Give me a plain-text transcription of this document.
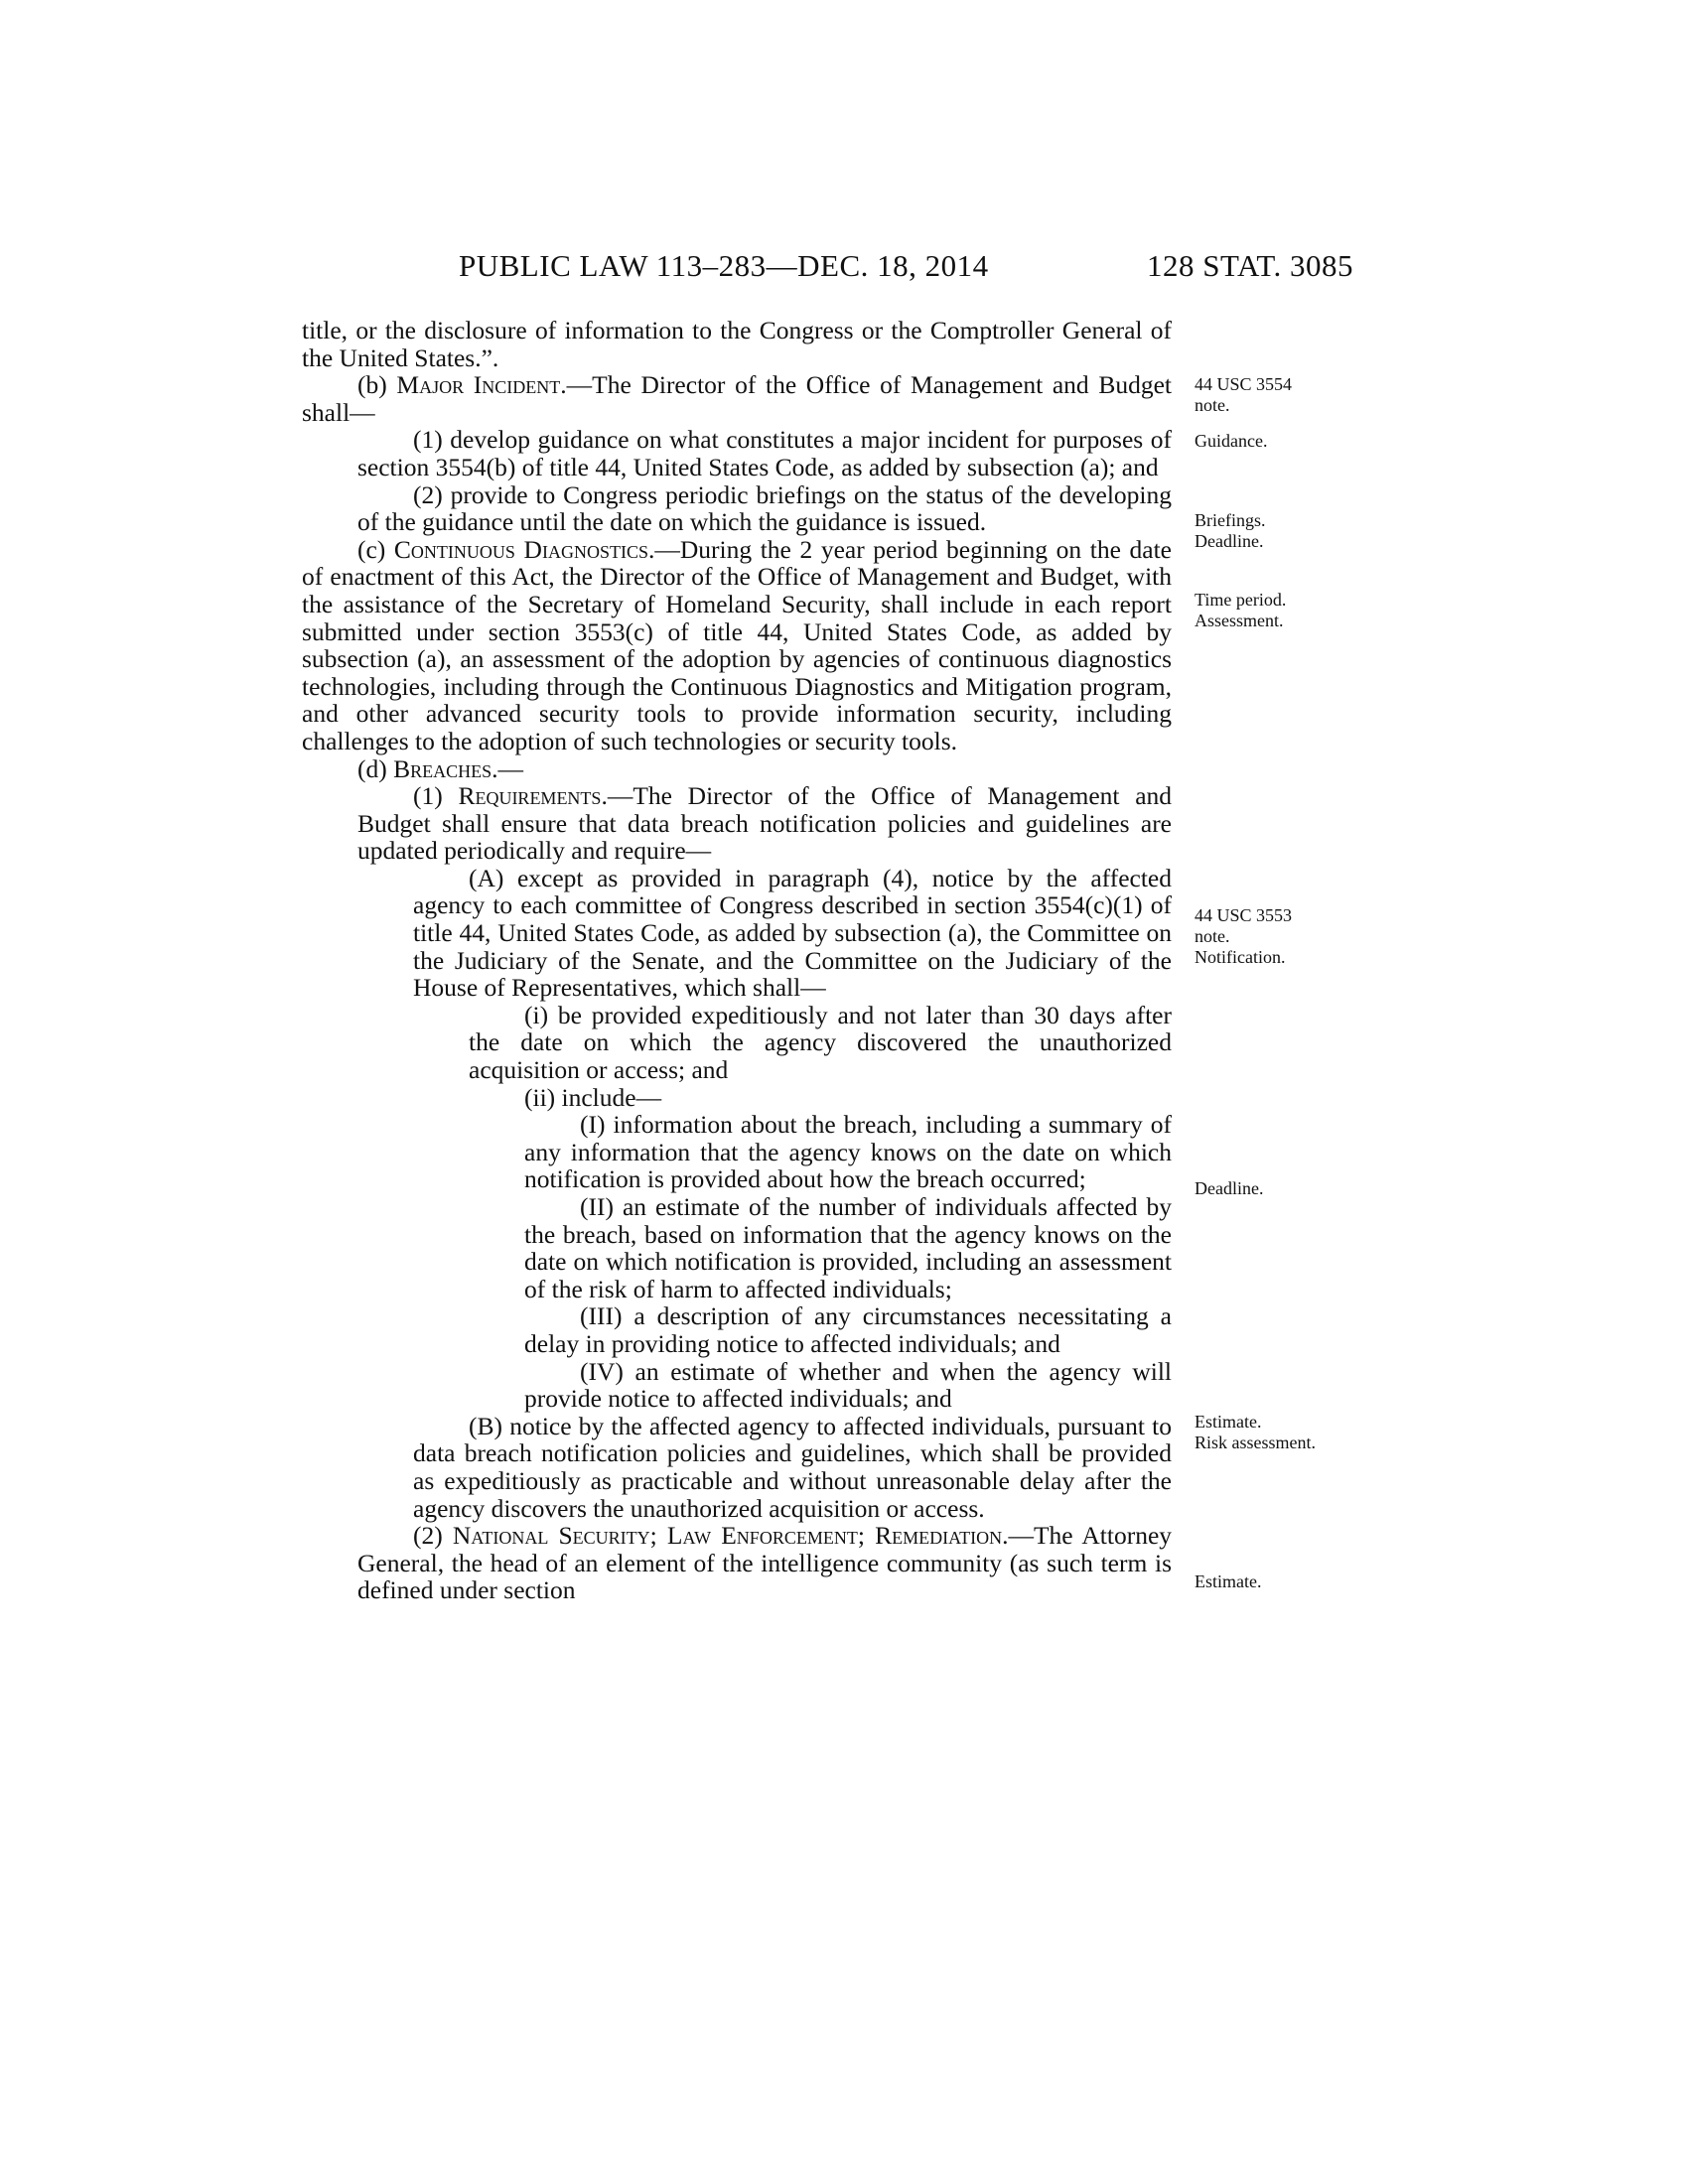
PUBLIC LAW 113–283—DEC. 18, 2014	128 STAT. 3085

title, or the disclosure of information to the Congress or the Comptroller General of the United States.”.

(b) Major Incident.—The Director of the Office of Management and Budget shall—

(1) develop guidance on what constitutes a major incident for purposes of section 3554(b) of title 44, United States Code, as added by subsection (a); and

(2) provide to Congress periodic briefings on the status of the developing of the guidance until the date on which the guidance is issued.

(c) Continuous Diagnostics.—During the 2 year period beginning on the date of enactment of this Act, the Director of the Office of Management and Budget, with the assistance of the Secretary of Homeland Security, shall include in each report submitted under section 3553(c) of title 44, United States Code, as added by subsection (a), an assessment of the adoption by agencies of continuous diagnostics technologies, including through the Continuous Diagnostics and Mitigation program, and other advanced security tools to provide information security, including challenges to the adoption of such technologies or security tools.

(d) Breaches.—

(1) Requirements.—The Director of the Office of Management and Budget shall ensure that data breach notification policies and guidelines are updated periodically and require—

(A) except as provided in paragraph (4), notice by the affected agency to each committee of Congress described in section 3554(c)(1) of title 44, United States Code, as added by subsection (a), the Committee on the Judiciary of the Senate, and the Committee on the Judiciary of the House of Representatives, which shall—

(i) be provided expeditiously and not later than 30 days after the date on which the agency discovered the unauthorized acquisition or access; and

(ii) include—

(I) information about the breach, including a summary of any information that the agency knows on the date on which notification is provided about how the breach occurred;

(II) an estimate of the number of individuals affected by the breach, based on information that the agency knows on the date on which notification is provided, including an assessment of the risk of harm to affected individuals;

(III) a description of any circumstances necessitating a delay in providing notice to affected individuals; and

(IV) an estimate of whether and when the agency will provide notice to affected individuals; and

(B) notice by the affected agency to affected individuals, pursuant to data breach notification policies and guidelines, which shall be provided as expeditiously as practicable and without unreasonable delay after the agency discovers the unauthorized acquisition or access.

(2) National Security; Law Enforcement; Remediation.—The Attorney General, the head of an element of the intelligence community (as such term is defined under section

44 USC 3554
note.
Guidance.
Briefings.
Deadline.
Time period.
Assessment.
44 USC 3553
note.
Notification.
Deadline.
Estimate.
Risk assessment.
Estimate.
